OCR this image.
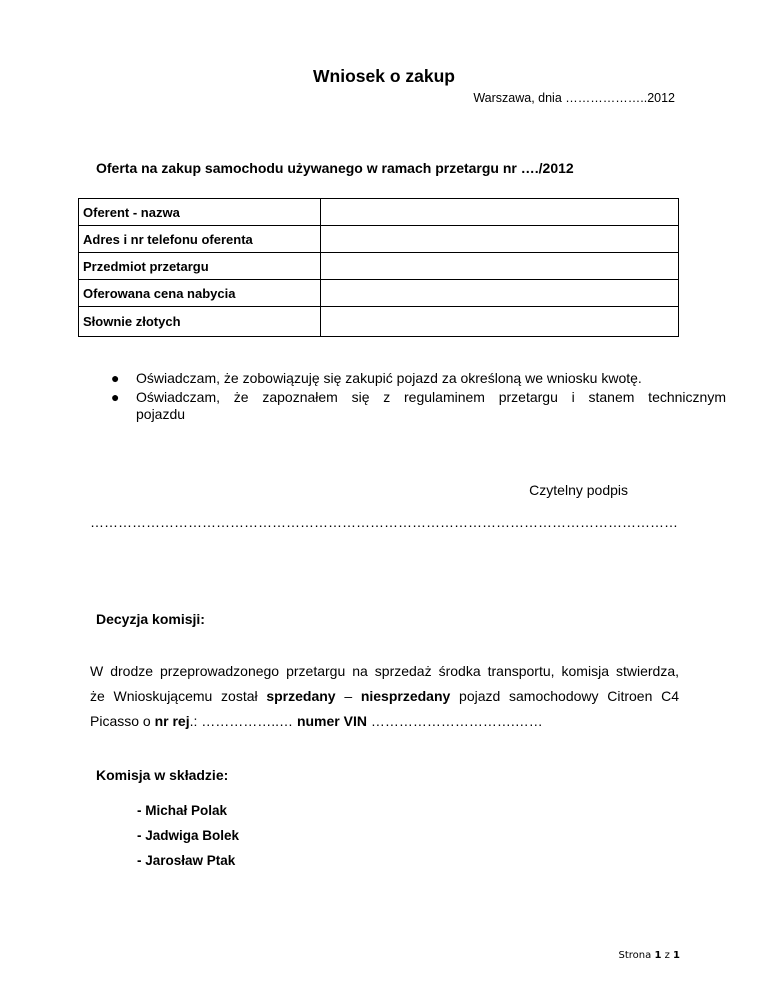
Wniosek o zakup
Warszawa, dnia ………………..2012
Oferta na zakup samochodu używanego w ramach przetargu nr …./2012
Oferent - nazwa	
Adres i nr telefonu oferenta	
Przedmiot przetargu	
Oferowana cena nabycia	
Słownie złotych	
● Oświadczam, że zobowiązuję się zakupić pojazd za określoną we wniosku kwotę.
● Oświadczam, że zapoznałem się z regulaminem przetargu i stanem technicznym
pojazdu
Czytelny podpis
………………………………………………………………………………………………………………
Decyzja komisji:
W drodze przeprowadzonego przetargu na sprzedaż środka transportu, komisja stwierdza,
że Wnioskującemu został sprzedany – niesprzedany pojazd samochodowy Citroen C4
Picasso o nr rej.: ……………..… numer VIN ………………………….……
Komisja w składzie:
- Michał Polak
- Jadwiga Bolek
- Jarosław Ptak
Strona 1 z 1
